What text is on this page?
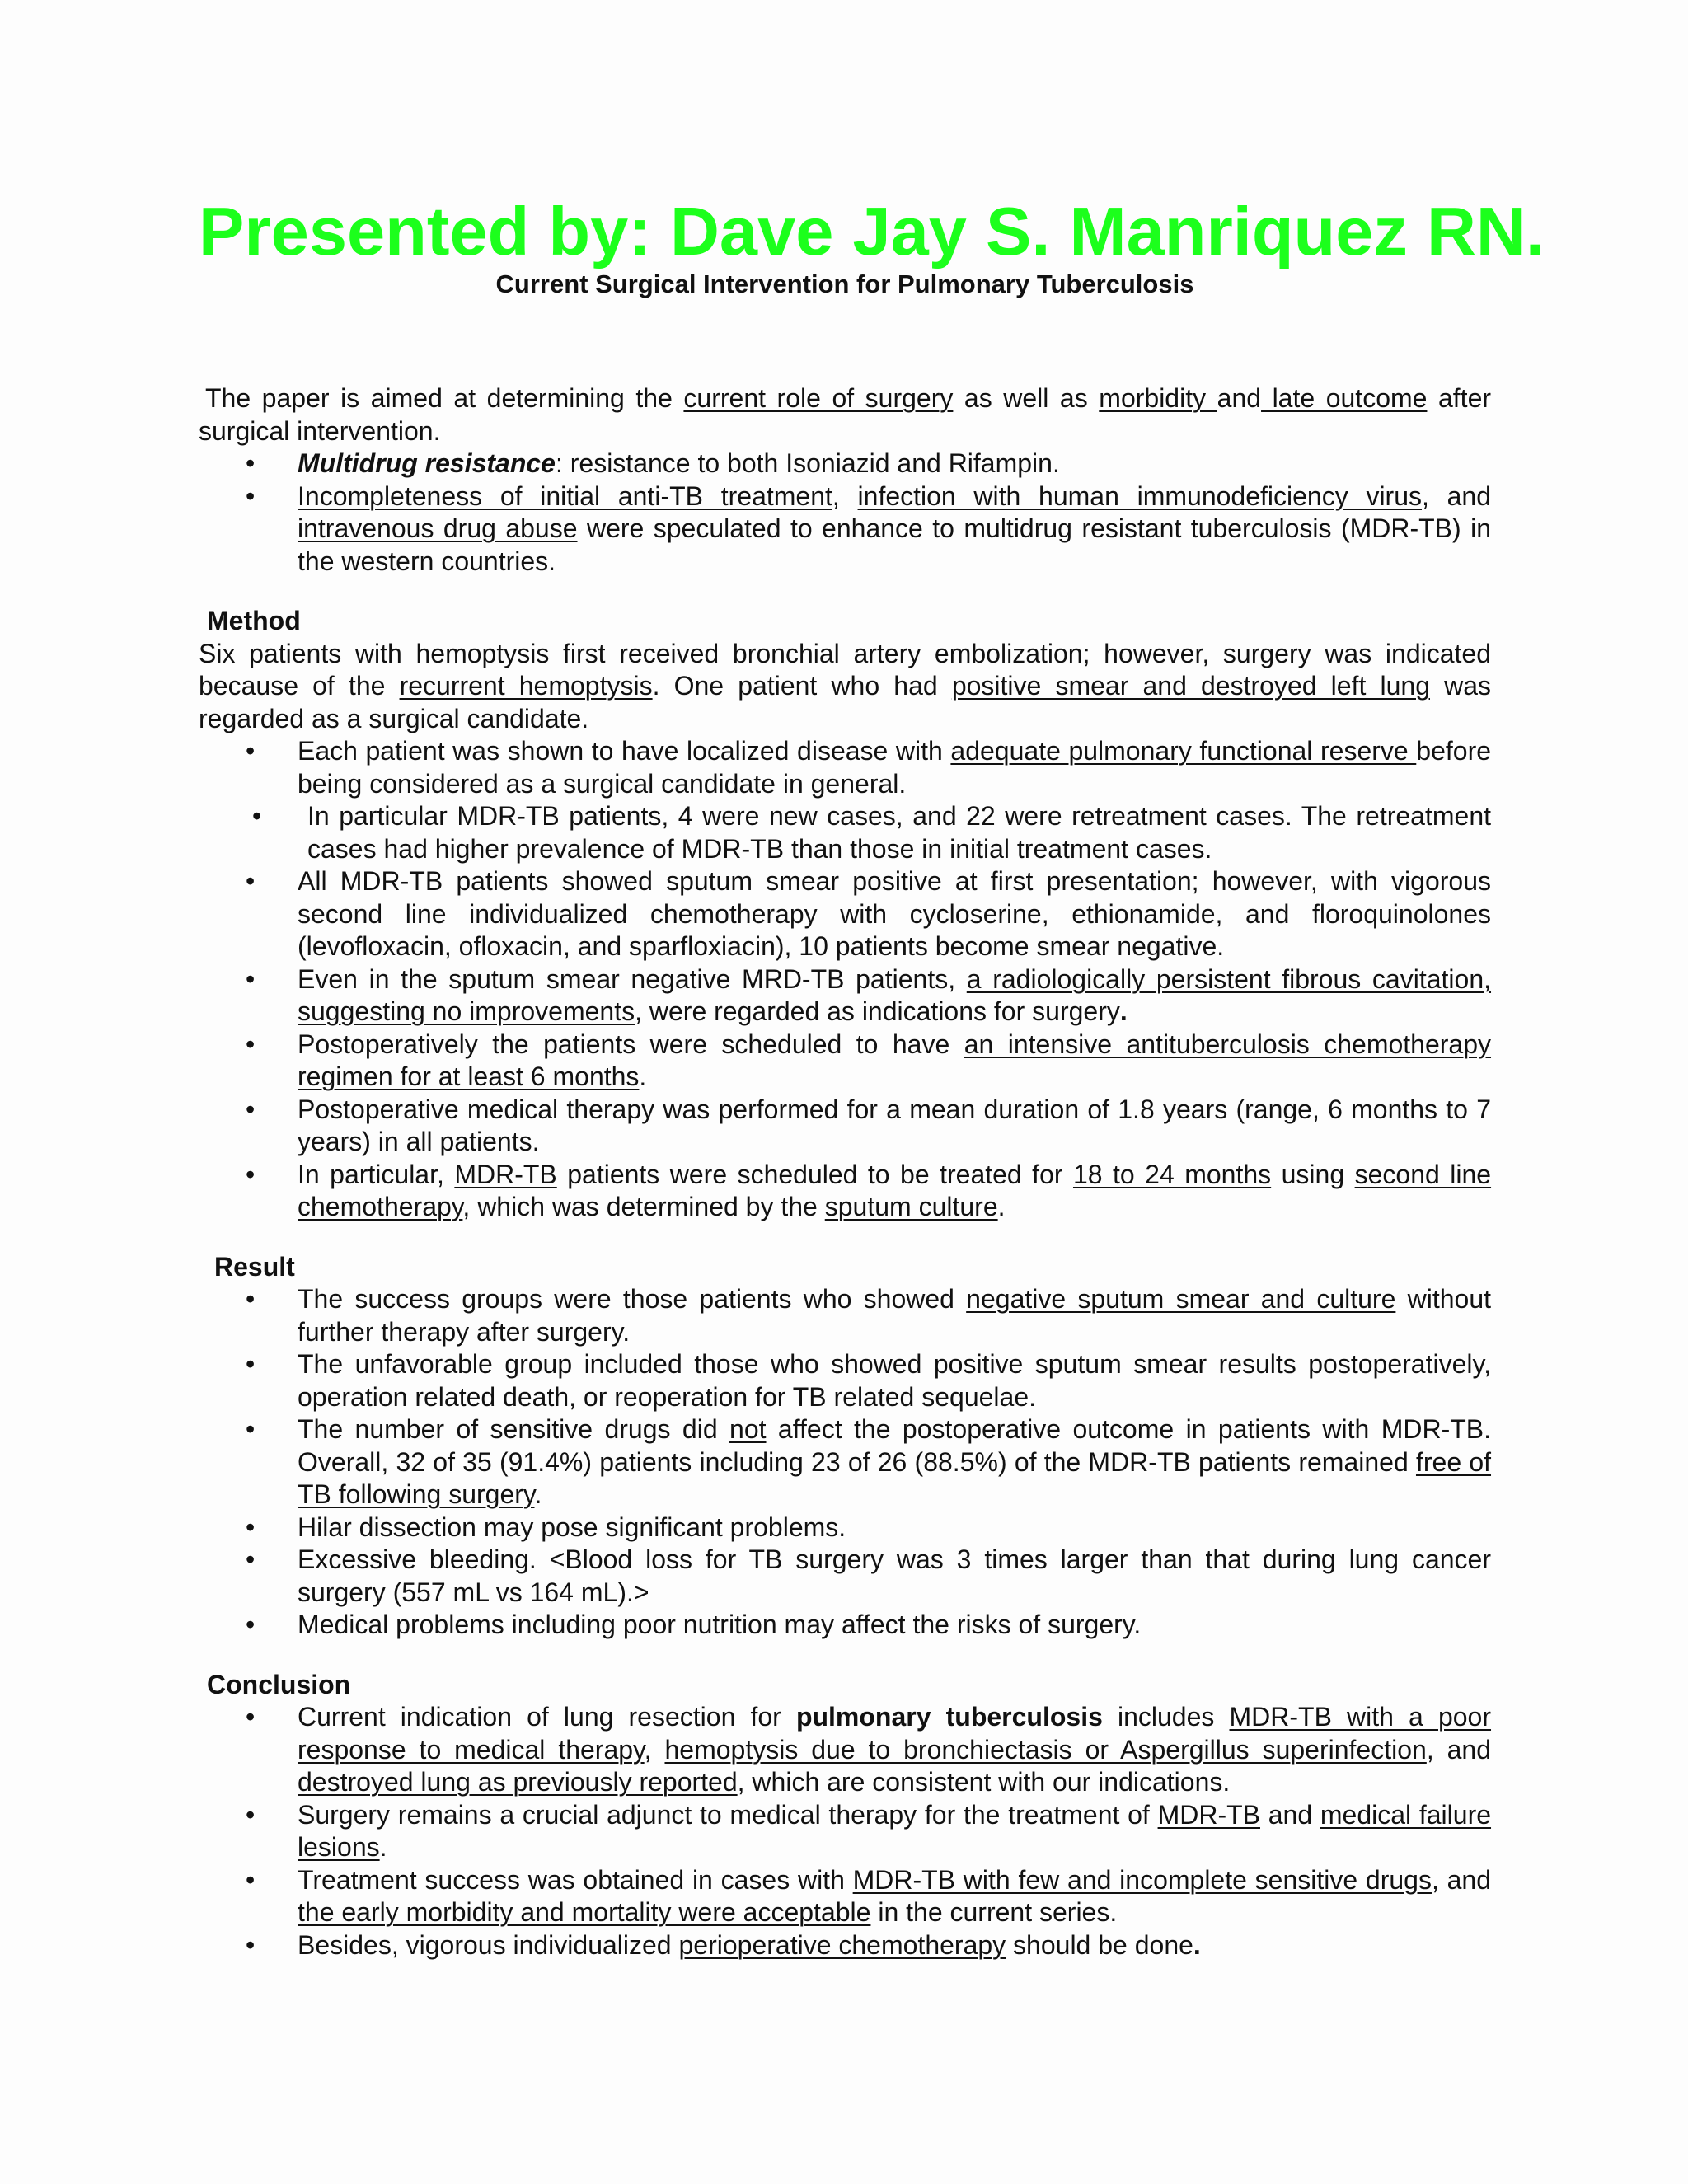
Presented by: Dave Jay S. Manriquez RN.
Current Surgical Intervention for Pulmonary Tuberculosis

The paper is aimed at determining the current role of surgery as well as morbidity and late outcome after surgical intervention.

• Multidrug resistance: resistance to both Isoniazid and Rifampin.
• Incompleteness of initial anti-TB treatment, infection with human immunodeficiency virus, and intravenous drug abuse were speculated to enhance to multidrug resistant tuberculosis (MDR-TB) in the western countries.

Method

Six patients with hemoptysis first received bronchial artery embolization; however, surgery was indicated because of the recurrent hemoptysis. One patient who had positive smear and destroyed left lung was regarded as a surgical candidate.

• Each patient was shown to have localized disease with adequate pulmonary functional reserve before being considered as a surgical candidate in general.
• In particular MDR-TB patients, 4 were new cases, and 22 were retreatment cases. The retreatment cases had higher prevalence of MDR-TB than those in initial treatment cases.
• All MDR-TB patients showed sputum smear positive at first presentation; however, with vigorous second line individualized chemotherapy with cycloserine, ethionamide, and floroquinolones (levofloxacin, ofloxacin, and sparfloxiacin), 10 patients become smear negative.
• Even in the sputum smear negative MRD-TB patients, a radiologically persistent fibrous cavitation, suggesting no improvements, were regarded as indications for surgery.
• Postoperatively the patients were scheduled to have an intensive antituberculosis chemotherapy regimen for at least 6 months.
• Postoperative medical therapy was performed for a mean duration of 1.8 years (range, 6 months to 7 years) in all patients.
• In particular, MDR-TB patients were scheduled to be treated for 18 to 24 months using second line chemotherapy, which was determined by the sputum culture.

Result

• The success groups were those patients who showed negative sputum smear and culture without further therapy after surgery.
• The unfavorable group included those who showed positive sputum smear results postoperatively, operation related death, or reoperation for TB related sequelae.
• The number of sensitive drugs did not affect the postoperative outcome in patients with MDR-TB. Overall, 32 of 35 (91.4%) patients including 23 of 26 (88.5%) of the MDR-TB patients remained free of TB following surgery.
• Hilar dissection may pose significant problems.
• Excessive bleeding. <Blood loss for TB surgery was 3 times larger than that during lung cancer surgery (557 mL vs 164 mL).>
• Medical problems including poor nutrition may affect the risks of surgery.

Conclusion

• Current indication of lung resection for pulmonary tuberculosis includes MDR-TB with a poor response to medical therapy, hemoptysis due to bronchiectasis or Aspergillus superinfection, and destroyed lung as previously reported, which are consistent with our indications.
• Surgery remains a crucial adjunct to medical therapy for the treatment of MDR-TB and medical failure lesions.
• Treatment success was obtained in cases with MDR-TB with few and incomplete sensitive drugs, and the early morbidity and mortality were acceptable in the current series.
• Besides, vigorous individualized perioperative chemotherapy should be done.
